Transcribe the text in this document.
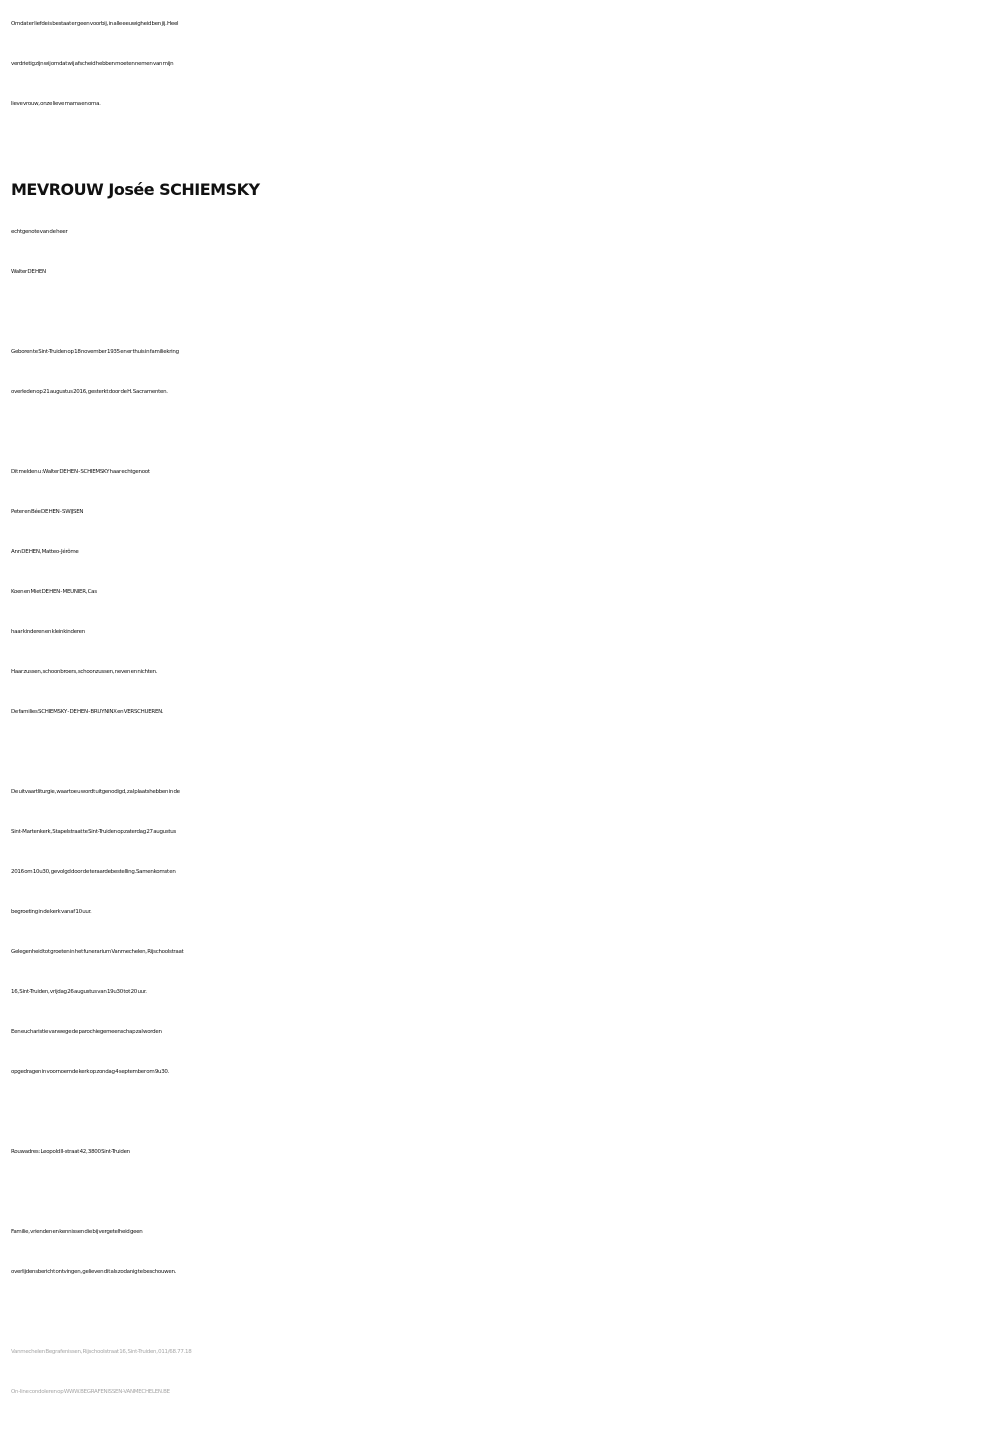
Omdat er liefde is bestaat er geen voorbij, in alle eeuwigheid ben jij. Heel
verdrietig zijn wij omdat wij afscheid hebben moeten nemen van mijn
lieve vrouw, onze lieve mama en oma.
MEVROUW Josée SCHIEMSKY
echtgenote van de heer
Walter DE HEN
Geboren te Sint-Truiden op 18 november 1935 en er thuis in familiekring
overleden op 21 augustus 2016, gesterkt door de H. Sacramenten.
Dit melden u :Walter DE HEN - SCHIEMSKY haar echtgenoot
Peter en Bée DE HEN - SWIJSEN
Ann DE HEN, Matteo-Jérôme
Koen en Miet DE HEN - MEUNIER, Cas
haar kinderen en kleinkinderen
Haar zussen, schoonbroers, schoonzussen, neven en nichten.
De families SCHIEMSKY - DE HEN - BRUYNINX en VERSCHUEREN.
De uitvaartliturgie, waartoe u wordt uitgenodigd, zal plaatshebben in de
Sint-Martenkerk, Stapelstraat te Sint-Truiden op zaterdag 27 augustus
2016 om 10u30, gevolgd door de teraardebestelling.Samenkomst en
begroeting in de kerk vanaf 10 uur.
Gelegenheid tot groeten in het funerarium Vanmechelen, Rijschoolstraat
16, Sint-Truiden, vrijdag 26 augustus van 19u30 tot 20 uur.
Een eucharistie vanwege de parochiegemeenschap zal worden
opgedragen in voornoemde kerk op zondag 4 september om 9u30.
Rouwadres: Leopold II-straat 42, 3800 Sint-Truiden
Familie, vrienden en kennissen die bij vergetelheid geen
overlijdensbericht ontvingen, gelieven dit als zodanig te beschouwen.
Vanmechelen Begrafenissen, Rijschoolstraat 16, Sint-Truiden, 011/68.77.18
On-line condoleren op WWW.BEGRAFENISSEN-VANMECHELEN.BE
